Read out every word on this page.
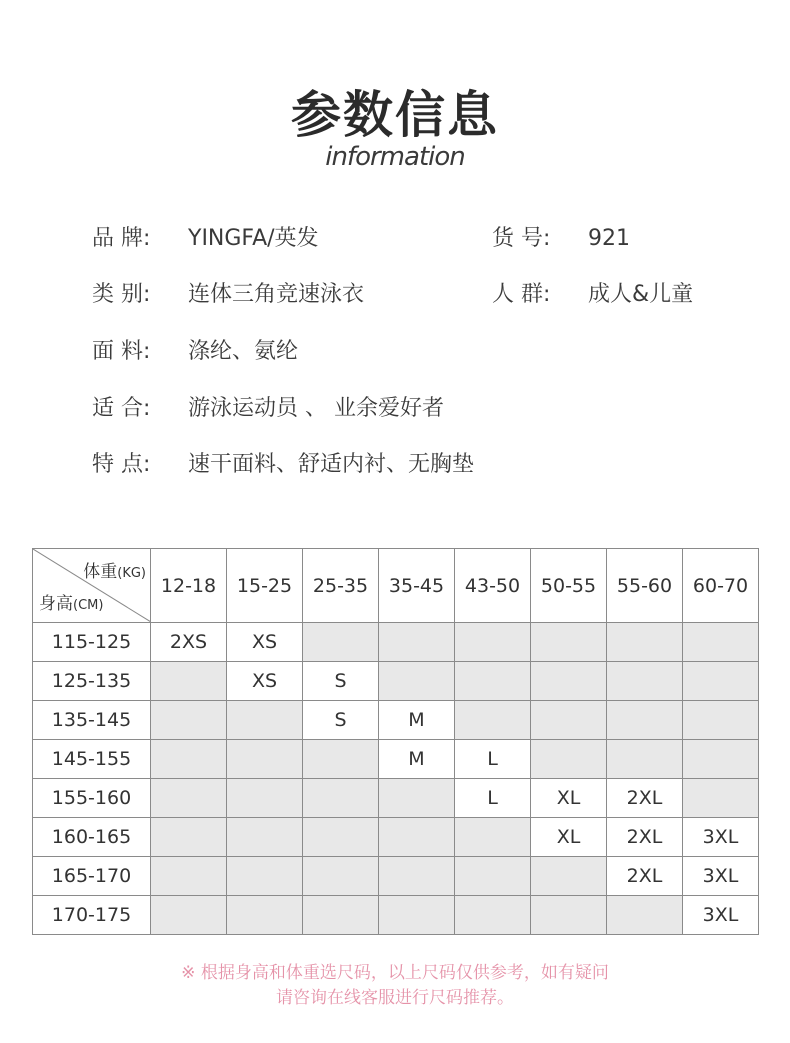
参数信息
information
品 牌: YINGFA/英发	货 号: 921
类 别: 连体三角竞速泳衣	人 群: 成人&儿童
面 料: 涤纶、氨纶
适 合: 游泳运动员 、 业余爱好者
特 点: 速干面料、舒适内衬、无胸垫
体重(KG)
身高(CM)	12-18	15-25	25-35	35-45	43-50	50-55	55-60	60-70
115-125	2XS	XS						
125-135		XS	S					
135-145			S	M				
145-155				M	L			
155-160					L	XL	2XL	
160-165						XL	2XL	3XL
165-170							2XL	3XL
170-175								3XL
※ 根据身高和体重选尺码，以上尺码仅供参考，如有疑问
请咨询在线客服进行尺码推荐。
